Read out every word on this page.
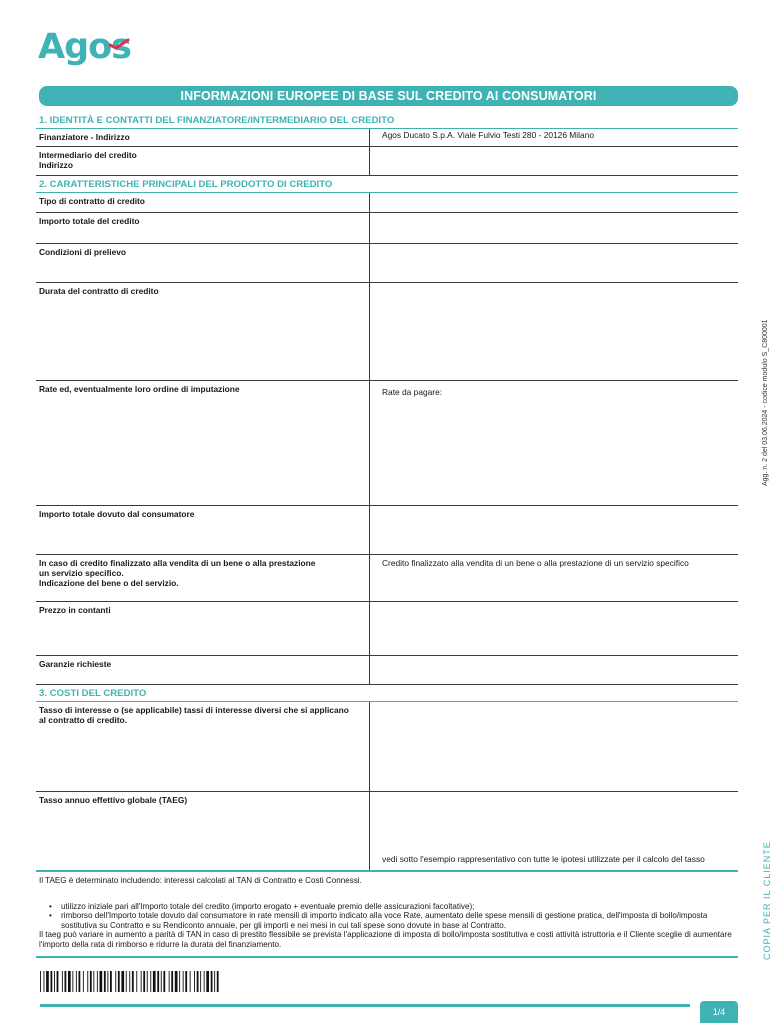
Agos
INFORMAZIONI EUROPEE DI BASE SUL CREDITO AI CONSUMATORI
1. IDENTITÀ E CONTATTI DEL FINANZIATORE/INTERMEDIARIO DEL CREDITO
Finanziatore - Indirizzo	Agos Ducato S.p.A. Viale Fulvio Testi 280 - 20126 Milano
Intermediario del credito
Indirizzo
2. CARATTERISTICHE PRINCIPALI DEL PRODOTTO DI CREDITO
Tipo di contratto di credito
Importo totale del credito
Condizioni di prelievo
Durata del contratto di credito
Rate ed, eventualmente loro ordine di imputazione	Rate da pagare:
Importo totale dovuto dal consumatore
In caso di credito finalizzato alla vendita di un bene o alla prestazione
un servizio specifico.
Indicazione del bene o del servizio.
Credito finalizzato alla vendita di un bene o alla prestazione di un servizio specifico
Prezzo in contanti
Garanzie richieste
3. COSTI DEL CREDITO
Tasso di interesse o (se applicabile) tassi di interesse diversi che si applicano
al contratto di credito.
Tasso annuo effettivo globale (TAEG)
vedi sotto l'esempio rappresentativo con tutte le ipotesi utilizzate per il calcolo del tasso
Il TAEG è determinato includendo: interessi calcolati al TAN di Contratto e Costi Connessi.
• utilizzo iniziale pari all'Importo totale del credito (importo erogato + eventuale premio delle assicurazioni facoltative);
• rimborso dell'Importo totale dovuto dal consumatore in rate mensili di importo indicato alla voce Rate, aumentato delle spese mensili di gestione pratica, dell'imposta di bollo/imposta sostitutiva su Contratto e su Rendiconto annuale, per gli importi e nei mesi in cui tali spese sono dovute in base al Contratto.
Il taeg può variare in aumento a parità di TAN in caso di prestito flessibile se prevista l'applicazione di imposta di bollo/imposta sostitutiva e costi attività istruttoria e il Cliente sceglie di aumentare l'importo della rata di rimborso e ridurre la durata del finanziamento.
1/4
Agg. n. 2 del 03.06.2024 - codice modulo S_C800001
COPIA PER IL CLIENTE
